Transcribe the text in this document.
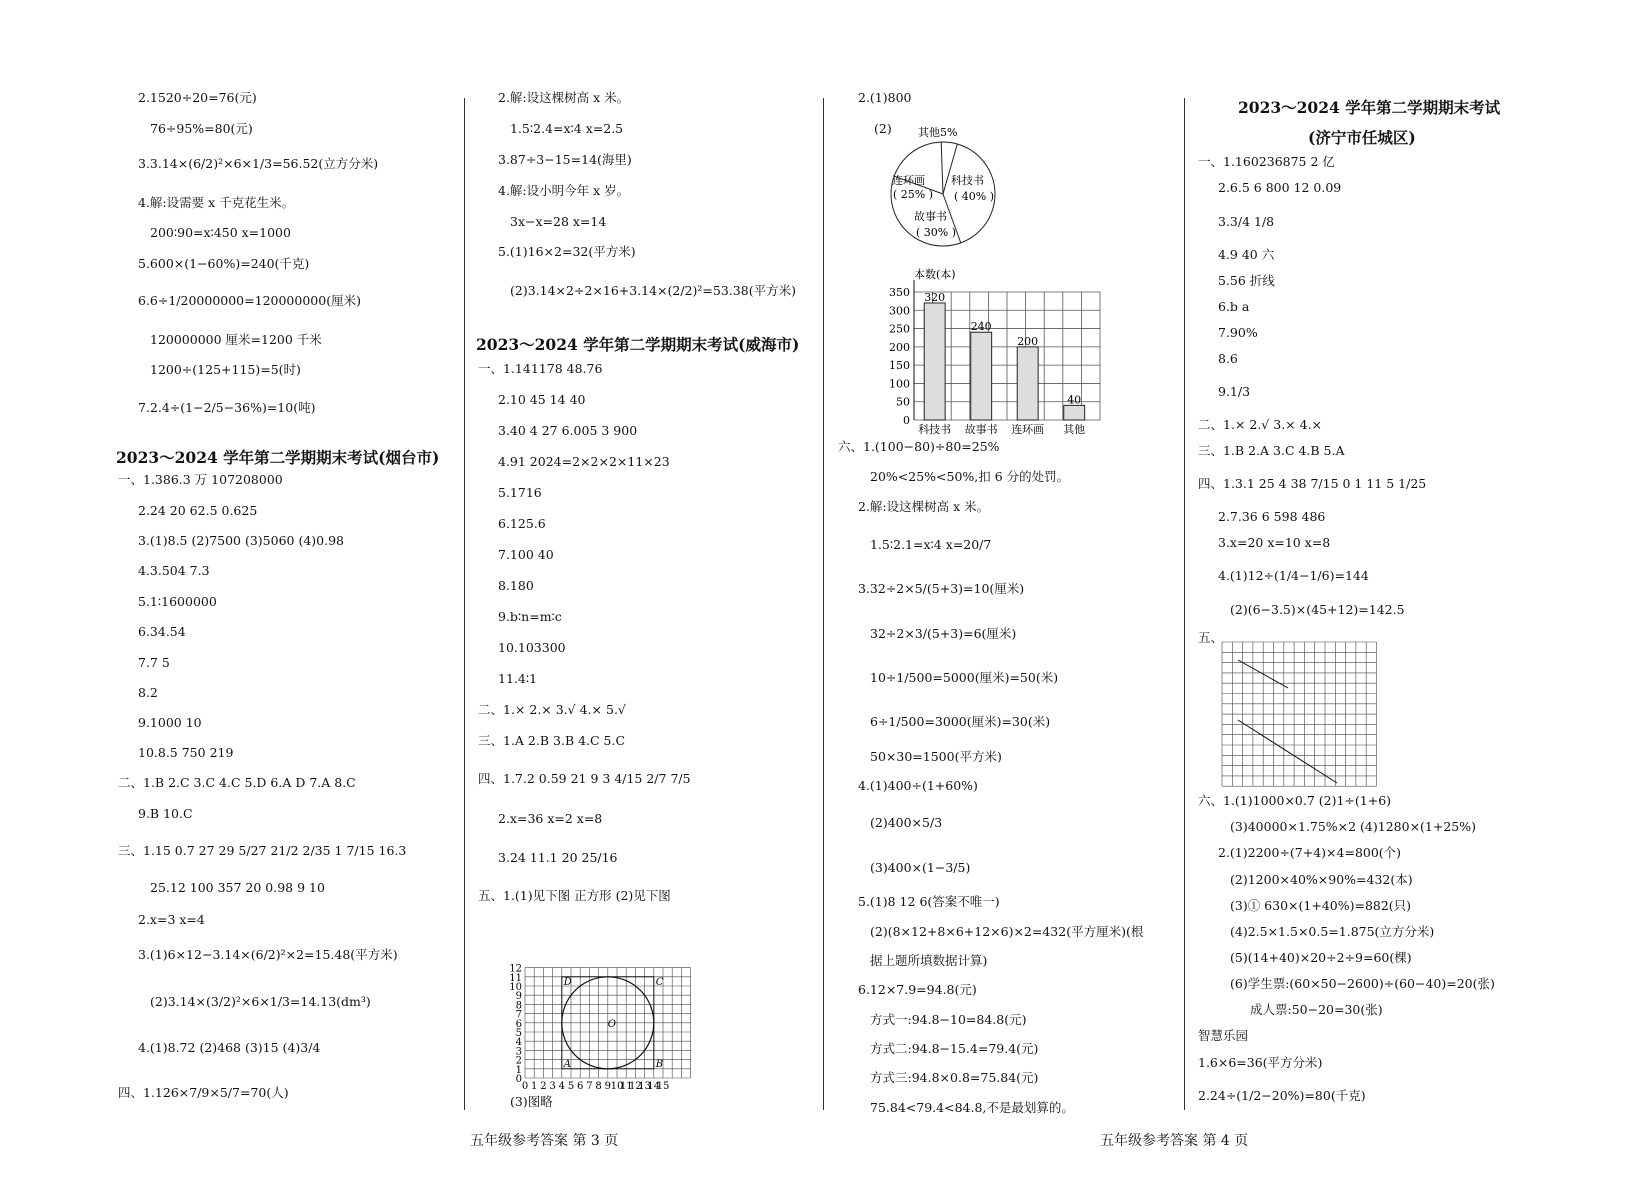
2.1520÷20=76(元)
76÷95%=80(元)
3.3.14×(6/2)²×6×1/3=56.52(立方分米)
4.解:设需要 x 千克花生米。
200∶90=x∶450 x=1000
5.600×(1−60%)=240(千克)
6.6÷1/20000000=120000000(厘米)
120000000 厘米=1200 千米
1200÷(125+115)=5(时)
7.2.4÷(1−2/5−36%)=10(吨)
一、1.386.3 万 107208000
2.24 20 62.5 0.625
3.(1)8.5 (2)7500 (3)5060 (4)0.98
4.3.504 7.3
5.1∶1600000
6.34.54
7.7 5
8.2
9.1000 10
10.8.5 750 219
二、1.B 2.C 3.C 4.C 5.D 6.A D 7.A 8.C
9.B 10.C
三、1.15 0.7 27 29 5/27 21/2 2/35 1 7/15 16.3
25.12 100 357 20 0.98 9 10
2.x=3 x=4
3.(1)6×12−3.14×(6/2)²×2=15.48(平方米)
(2)3.14×(3/2)²×6×1/3=14.13(dm³)
4.(1)8.72 (2)468 (3)15 (4)3/4
四、1.126×7/9×5/7=70(人)
2.解:设这棵树高 x 米。
1.5∶2.4=x∶4 x=2.5
3.87÷3−15=14(海里)
4.解:设小明今年 x 岁。
3x−x=28 x=14
5.(1)16×2=32(平方米)
(2)3.14×2÷2×16+3.14×(2/2)²=53.38(平方米)
一、1.141178 48.76
2.10 45 14 40
3.40 4 27 6.005 3 900
4.91 2024=2×2×2×11×23
5.1716
6.125.6
7.100 40
8.180
9.b∶n=m∶c
10.103300
11.4∶1
二、1.× 2.× 3.√ 4.× 5.√
三、1.A 2.B 3.B 4.C 5.C
四、1.7.2 0.59 21 9 3 4/15 2/7 7/5
2.x=36 x=2 x=8
3.24 11.1 20 25/16
五、1.(1)见下图 正方形 (2)见下图
(3)图略
2.(1)800
(2)
六、1.(100−80)÷80=25%
20%<25%<50%,扣 6 分的处罚。
2.解:设这棵树高 x 米。
1.5∶2.1=x∶4 x=20/7
3.32÷2×5/(5+3)=10(厘米)
32÷2×3/(5+3)=6(厘米)
10÷1/500=5000(厘米)=50(米)
6÷1/500=3000(厘米)=30(米)
50×30=1500(平方米)
4.(1)400÷(1+60%)
(2)400×5/3
(3)400×(1−3/5)
5.(1)8 12 6(答案不唯一)
(2)(8×12+8×6+12×6)×2=432(平方厘米)(根
据上题所填数据计算)
6.12×7.9=94.8(元)
方式一:94.8−10=84.8(元)
方式二:94.8−15.4=79.4(元)
方式三:94.8×0.8=75.84(元)
75.84<79.4<84.8,不是最划算的。
一、1.160236875 2 亿
2.6.5 6 800 12 0.09
3.3/4 1/8
4.9 40 六
5.56 折线
6.b a
7.90%
8.6
9.1/3
二、1.× 2.√ 3.× 4.×
三、1.B 2.A 3.C 4.B 5.A
四、1.3.1 25 4 38 7/15 0 1 11 5 1/25
2.7.36 6 598 486
3.x=20 x=10 x=8
4.(1)12÷(1/4−1/6)=144
(2)(6−3.5)×(45+12)=142.5
五、
六、1.(1)1000×0.7 (2)1÷(1+6)
(3)40000×1.75%×2 (4)1280×(1+25%)
2.(1)2200÷(7+4)×4=800(个)
(2)1200×40%×90%=432(本)
(3)① 630×(1+40%)=882(只)
(4)2.5×1.5×0.5=1.875(立方分米)
(5)(14+40)×20÷2÷9=60(棵)
(6)学生票:(60×50−2600)÷(60−40)=20(张)
成人票:50−20=30(张)
智慧乐园
1.6×6=36(平方分米)
2.24÷(1/2−20%)=80(千克)
2023～2024 学年第二学期期末考试(烟台市)
2023～2024 学年第二学期期末考试(威海市)
2023～2024 学年第二学期期末考试
(济宁市任城区)
其他5%
科技书
( 40% )
故事书
( 30% )
连环画
( 25% )
本数(本)
0
50
100
150
200
250
300
350 320
科技书
240
故事书
200
连环画
40
其他
0 1 2 3 4 5 6 7 8 9 10
11
12
13
14
15
0
1
2
3
4
5
6
7
8
9
10
11
12
A	B
C
D
O
五年级参考答案 第 3 页	五年级参考答案 第 4 页
